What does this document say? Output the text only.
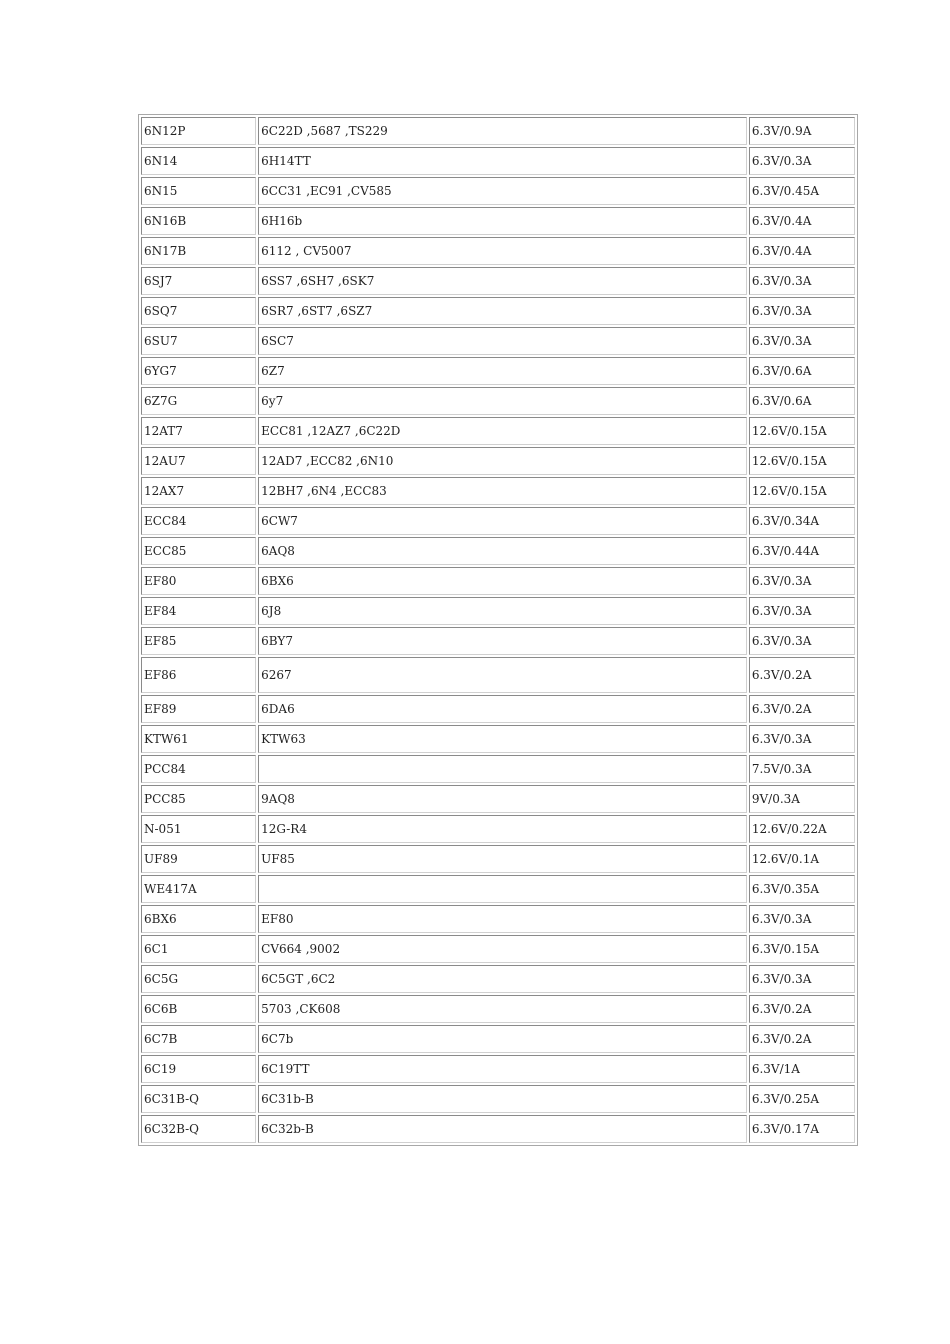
6N12P	6C22D ,5687 ,TS229	6.3V/0.9A
6N14	6H14TT	6.3V/0.3A
6N15	6CC31 ,EC91 ,CV585	6.3V/0.45A
6N16B	6H16b	6.3V/0.4A
6N17B	6112 , CV5007	6.3V/0.4A
6SJ7	6SS7 ,6SH7 ,6SK7	6.3V/0.3A
6SQ7	6SR7 ,6ST7 ,6SZ7	6.3V/0.3A
6SU7	6SC7	6.3V/0.3A
6YG7	6Z7	6.3V/0.6A
6Z7G	6y7	6.3V/0.6A
12AT7	ECC81 ,12AZ7 ,6C22D	12.6V/0.15A
12AU7	12AD7 ,ECC82 ,6N10	12.6V/0.15A
12AX7	12BH7 ,6N4 ,ECC83	12.6V/0.15A
ECC84	6CW7	6.3V/0.34A
ECC85	6AQ8	6.3V/0.44A
EF80	6BX6	6.3V/0.3A
EF84	6J8	6.3V/0.3A
EF85	6BY7	6.3V/0.3A
EF86	6267	6.3V/0.2A
EF89	6DA6	6.3V/0.2A
KTW61	KTW63	6.3V/0.3A
PCC84		7.5V/0.3A
PCC85	9AQ8	9V/0.3A
N-051	12G-R4	12.6V/0.22A
UF89	UF85	12.6V/0.1A
WE417A		6.3V/0.35A
6BX6	EF80	6.3V/0.3A
6C1	CV664 ,9002	6.3V/0.15A
6C5G	6C5GT ,6C2	6.3V/0.3A
6C6B	5703 ,CK608	6.3V/0.2A
6C7B	6C7b	6.3V/0.2A
6C19	6C19TT	6.3V/1A
6C31B-Q	6C31b-B	6.3V/0.25A
6C32B-Q	6C32b-B	6.3V/0.17A
